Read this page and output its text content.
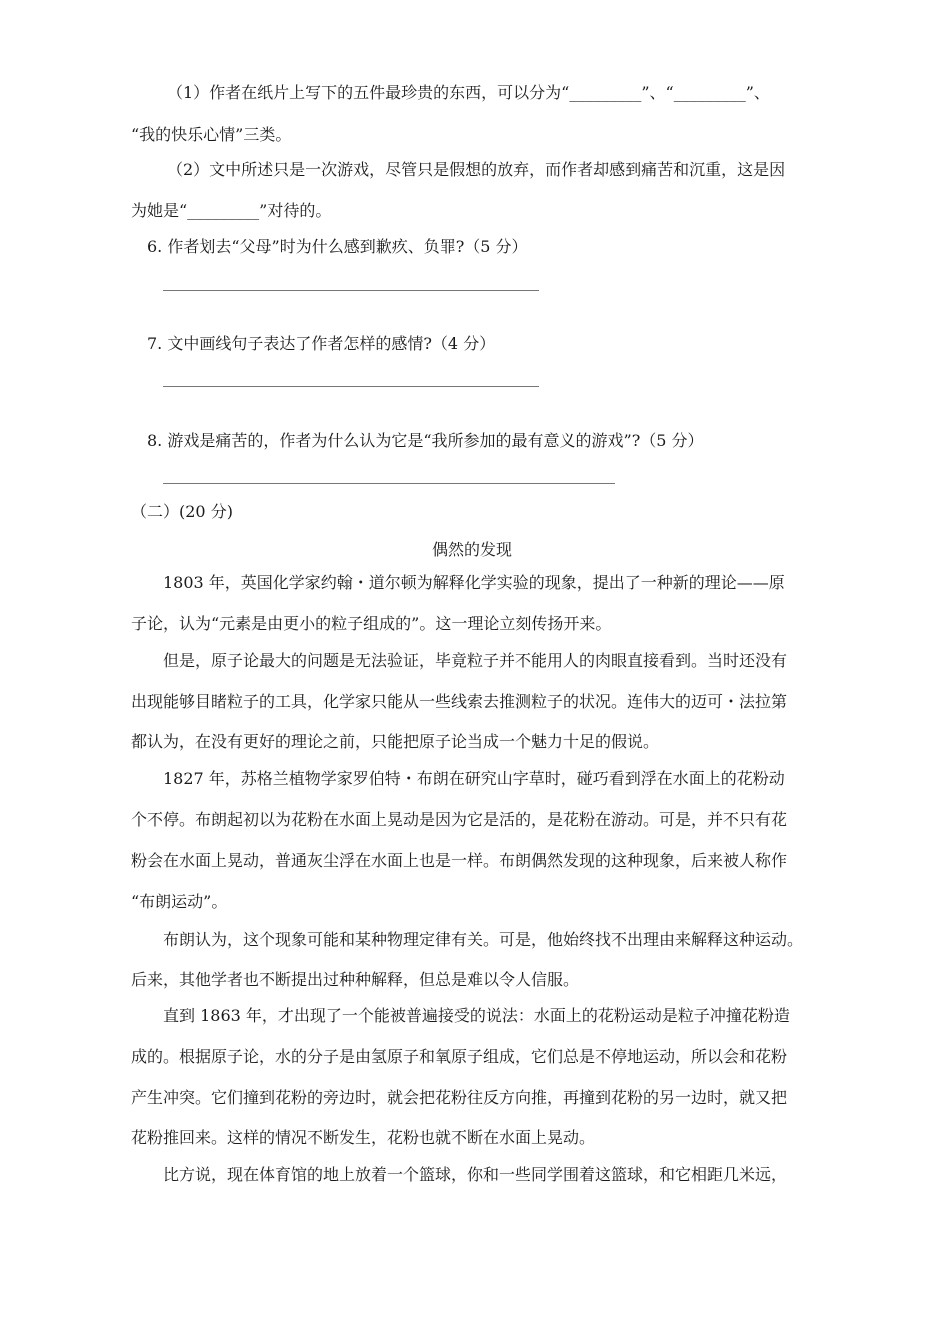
（1）作者在纸片上写下的五件最珍贵的东西，可以分为“_________”、“_________”、
“我的快乐心情”三类。
（2）文中所述只是一次游戏，尽管只是假想的放弃，而作者却感到痛苦和沉重，这是因
为她是“_________”对待的。
6. 作者划去“父母”时为什么感到歉疚、负罪?（5 分）
7. 文中画线句子表达了作者怎样的感情?（4 分）
8. 游戏是痛苦的，作者为什么认为它是“我所参加的最有意义的游戏”?（5 分）
（二）(20 分)
偶然的发现
1803 年，英国化学家约翰・道尔顿为解释化学实验的现象，提出了一种新的理论——原
子论，认为“元素是由更小的粒子组成的”。这一理论立刻传扬开来。
但是，原子论最大的问题是无法验证，毕竟粒子并不能用人的肉眼直接看到。当时还没有
出现能够目睹粒子的工具，化学家只能从一些线索去推测粒子的状况。连伟大的迈可・法拉第
都认为，在没有更好的理论之前，只能把原子论当成一个魅力十足的假说。
1827 年，苏格兰植物学家罗伯特・布朗在研究山字草时，碰巧看到浮在水面上的花粉动
个不停。布朗起初以为花粉在水面上晃动是因为它是活的，是花粉在游动。可是，并不只有花
粉会在水面上晃动，普通灰尘浮在水面上也是一样。布朗偶然发现的这种现象，后来被人称作
“布朗运动”。
布朗认为，这个现象可能和某种物理定律有关。可是，他始终找不出理由来解释这种运动。
后来，其他学者也不断提出过种种解释，但总是难以令人信服。
直到 1863 年，才出现了一个能被普遍接受的说法：水面上的花粉运动是粒子冲撞花粉造
成的。根据原子论，水的分子是由氢原子和氧原子组成，它们总是不停地运动，所以会和花粉
产生冲突。它们撞到花粉的旁边时，就会把花粉往反方向推，再撞到花粉的另一边时，就又把
花粉推回来。这样的情况不断发生，花粉也就不断在水面上晃动。
比方说，现在体育馆的地上放着一个篮球，你和一些同学围着这篮球，和它相距几米远，
